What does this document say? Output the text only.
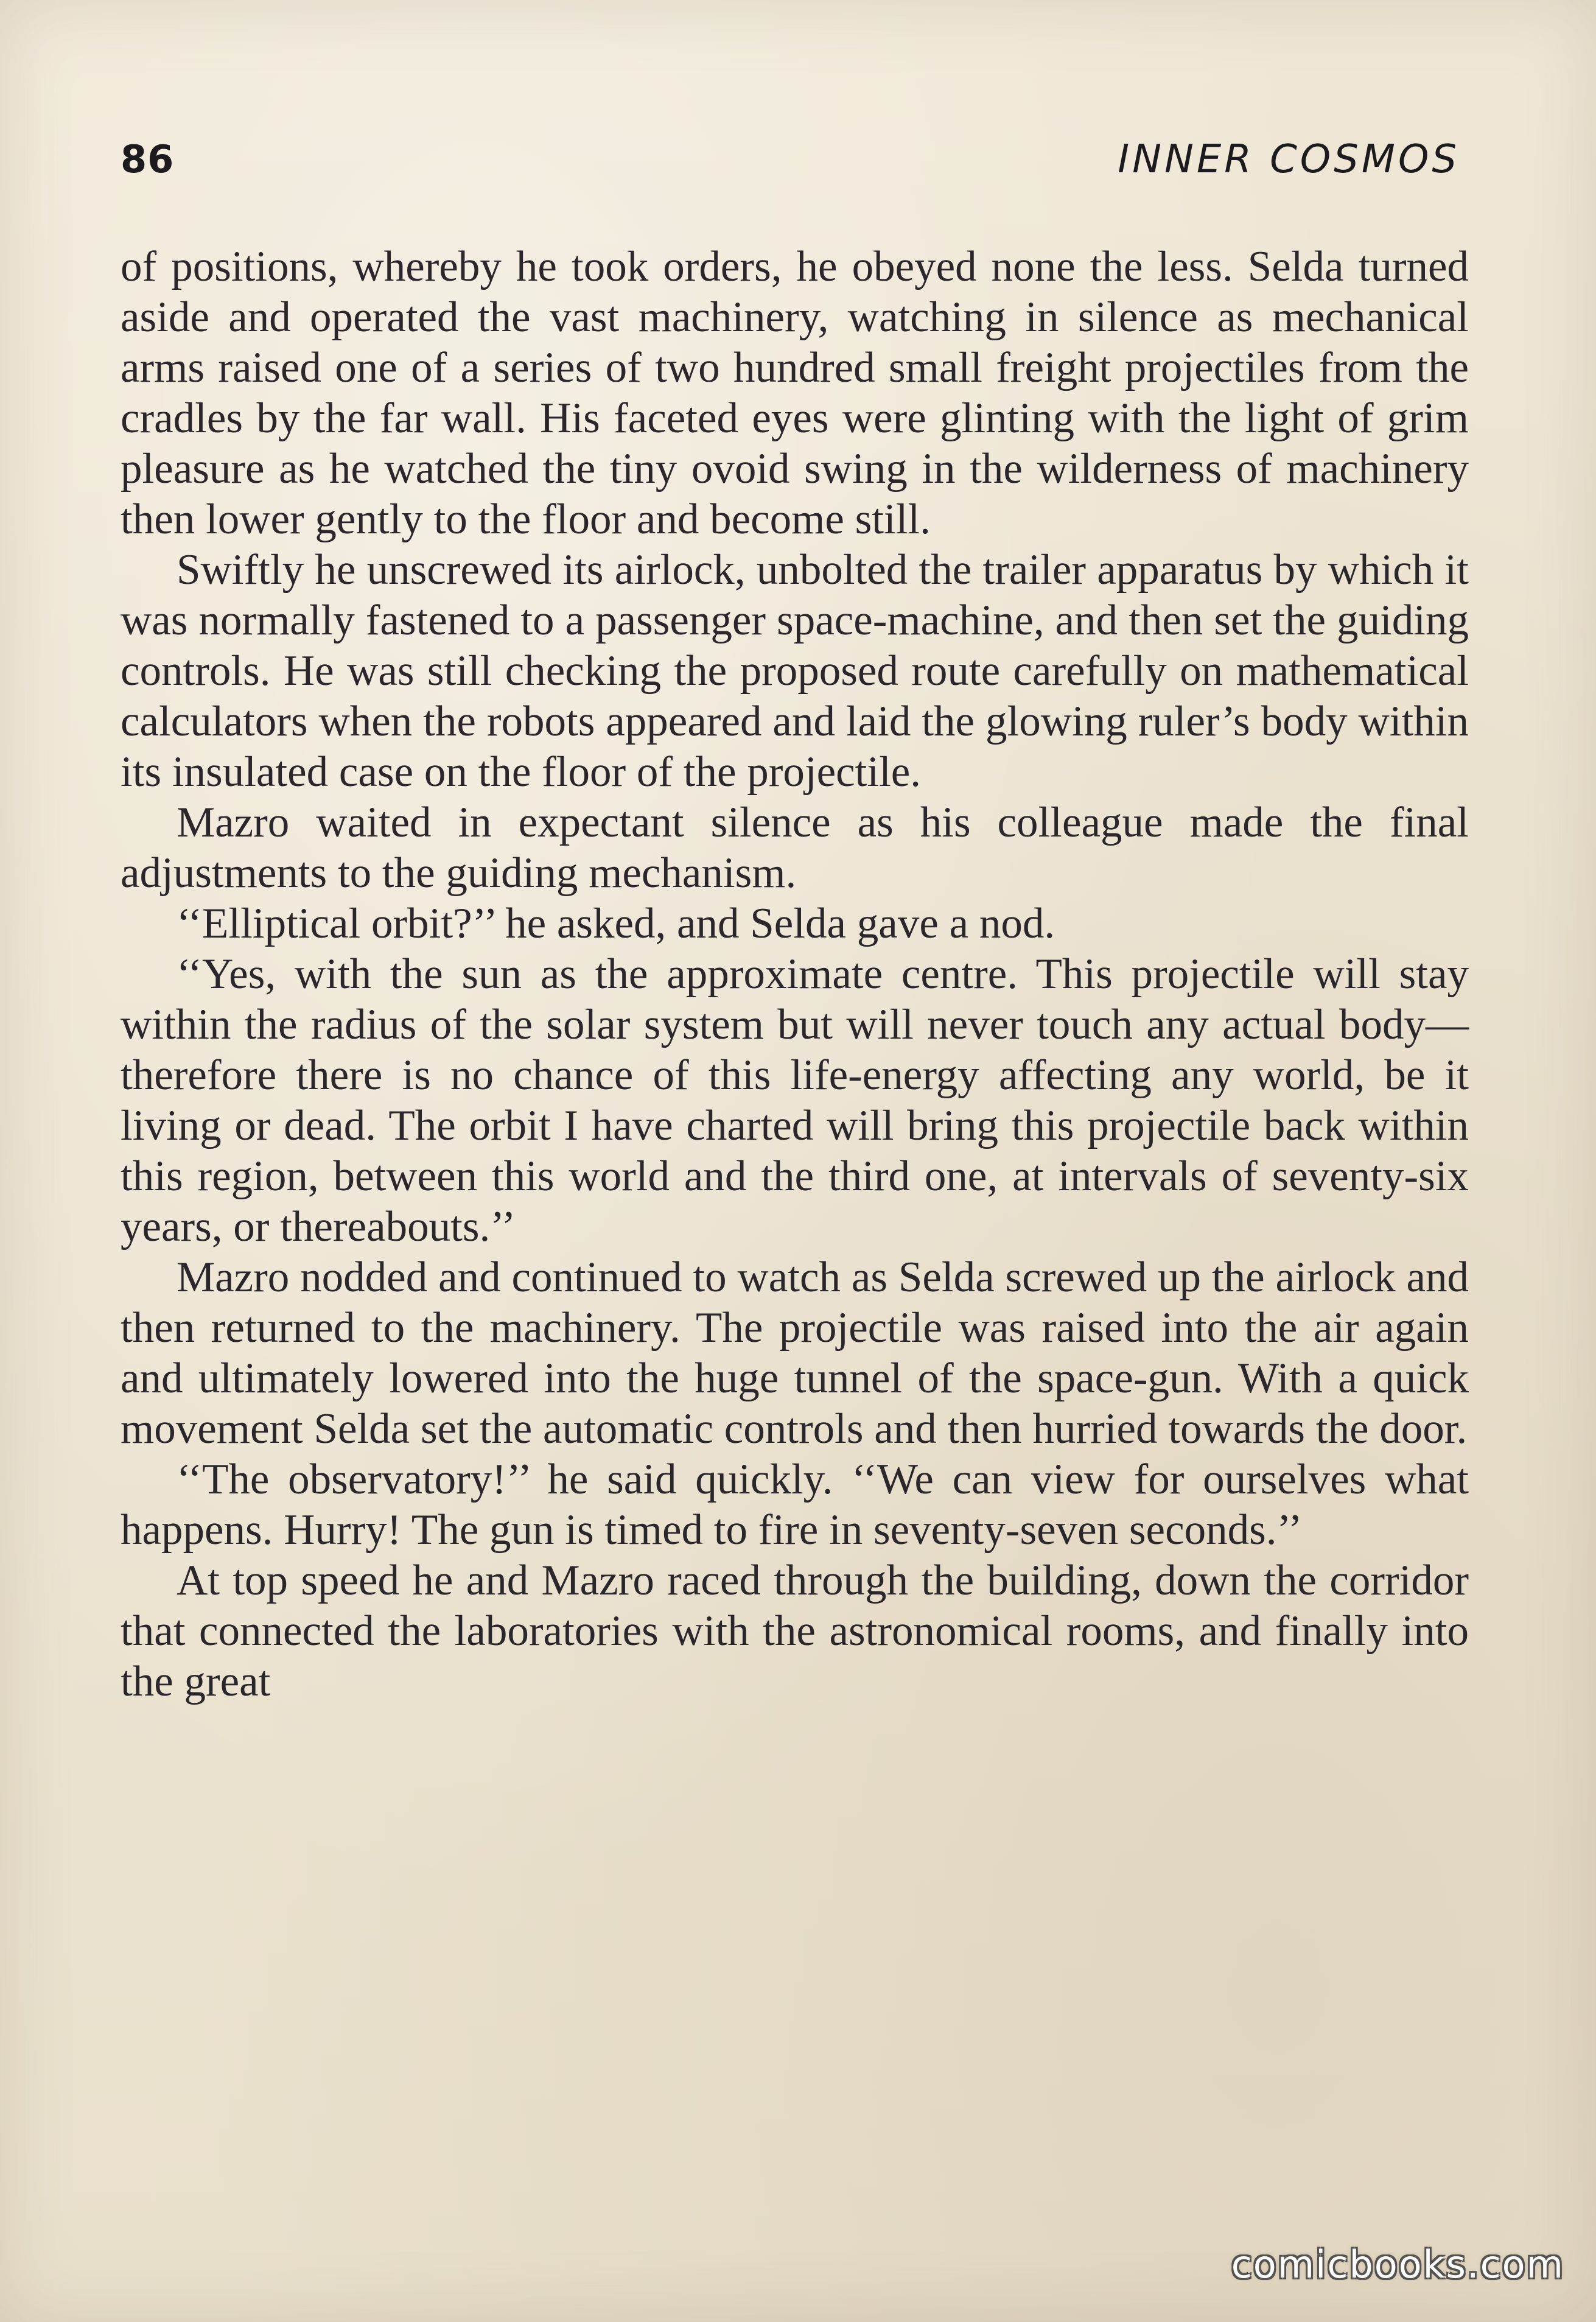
86	INNER COSMOS

of positions, whereby he took orders, he obeyed none the less. Selda turned aside and operated the vast machinery, watching in silence as mechanical arms raised one of a series of two hundred small freight projectiles from the cradles by the far wall. His faceted eyes were glinting with the light of grim pleasure as he watched the tiny ovoid swing in the wilderness of machinery then lower gently to the floor and become still.

Swiftly he unscrewed its airlock, unbolted the trailer apparatus by which it was normally fastened to a passenger space-machine, and then set the guiding controls. He was still checking the proposed route carefully on mathematical calculators when the robots appeared and laid the glowing ruler’s body within its insulated case on the floor of the projectile.

Mazro waited in expectant silence as his colleague made the final adjustments to the guiding mechanism.

‘‘Elliptical orbit?’’ he asked, and Selda gave a nod.

‘‘Yes, with the sun as the approximate centre. This projectile will stay within the radius of the solar system but will never touch any actual body—therefore there is no chance of this life-energy affecting any world, be it living or dead. The orbit I have charted will bring this projectile back within this region, between this world and the third one, at intervals of seventy-six years, or thereabouts.’’

Mazro nodded and continued to watch as Selda screwed up the airlock and then returned to the machinery. The projectile was raised into the air again and ultimately lowered into the huge tunnel of the space-gun. With a quick movement Selda set the automatic controls and then hurried towards the door.

‘‘The observatory!’’ he said quickly. ‘‘We can view for ourselves what happens. Hurry! The gun is timed to fire in seventy-seven seconds.’’

At top speed he and Mazro raced through the building, down the corridor that connected the laboratories with the astronomical rooms, and finally into the great

comicbooks.com
